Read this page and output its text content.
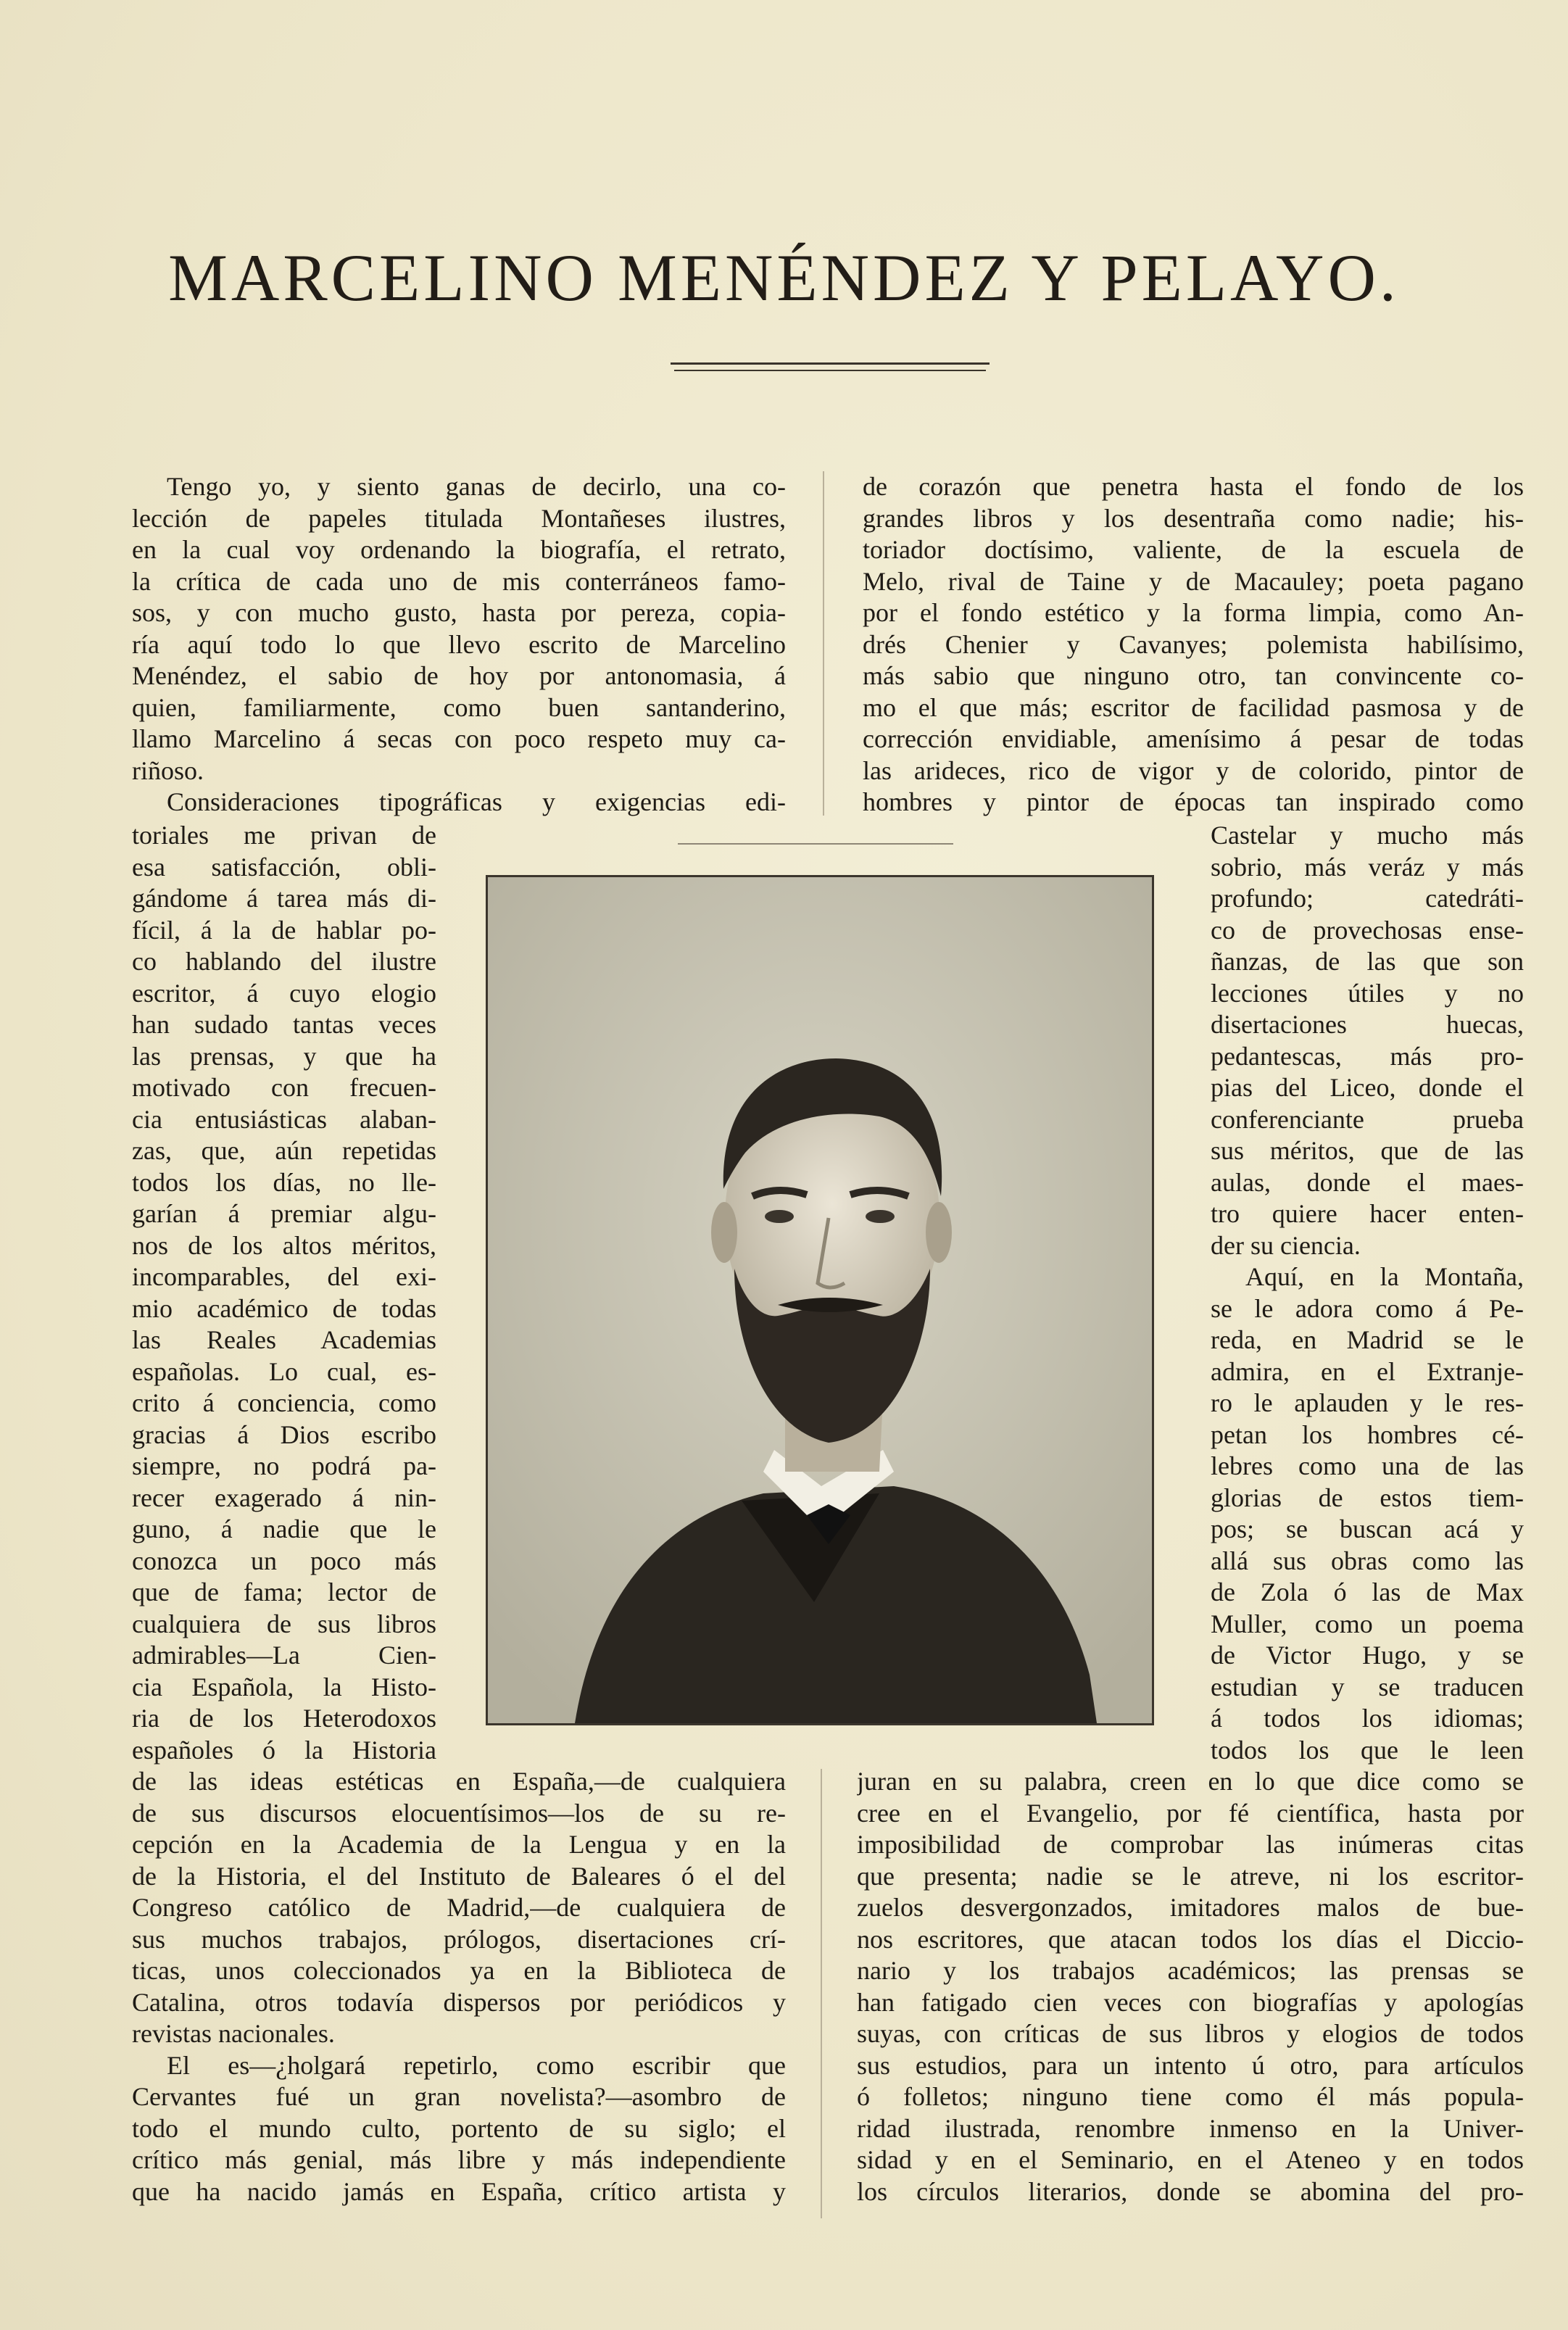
MARCELINO MENÉNDEZ Y PELAYO.
Tengo yo, y siento ganas de decirlo, una co-
lección de papeles titulada Montañeses ilustres,
en la cual voy ordenando la biografía, el retrato,
la crítica de cada uno de mis conterráneos famo-
sos, y con mucho gusto, hasta por pereza, copia-
ría aquí todo lo que llevo escrito de Marcelino
Menéndez, el sabio de hoy por antonomasia, á
quien, familiarmente, como buen santanderino,
llamo Marcelino á secas con poco respeto muy ca-
riñoso.
Consideraciones tipográficas y exigencias edi-
toriales me privan de
esa satisfacción, obli-
gándome á tarea más di-
fícil, á la de hablar po-
co hablando del ilustre
escritor, á cuyo elogio
han sudado tantas veces
las prensas, y que ha
motivado con frecuen-
cia entusiásticas alaban-
zas, que, aún repetidas
todos los días, no lle-
garían á premiar algu-
nos de los altos méritos,
incomparables, del exi-
mio académico de todas
las Reales Academias
españolas. Lo cual, es-
crito á conciencia, como
gracias á Dios escribo
siempre, no podrá pa-
recer exagerado á nin-
guno, á nadie que le
conozca un poco más
que de fama; lector de
cualquiera de sus libros
admirables—La Cien-
cia Española, la Histo-
ria de los Heterodoxos
españoles ó la Historia
de las ideas estéticas en España,—de cualquiera
de sus discursos elocuentísimos—los de su re-
cepción en la Academia de la Lengua y en la
de la Historia, el del Instituto de Baleares ó el del
Congreso católico de Madrid,—de cualquiera de
sus muchos trabajos, prólogos, disertaciones crí-
ticas, unos coleccionados ya en la Biblioteca de
Catalina, otros todavía dispersos por periódicos y
revistas nacionales.
El es—¿holgará repetirlo, como escribir que
Cervantes fué un gran novelista?—asombro de
todo el mundo culto, portento de su siglo; el
crítico más genial, más libre y más independiente
que ha nacido jamás en España, crítico artista y
de corazón que penetra hasta el fondo de los
grandes libros y los desentraña como nadie; his-
toriador doctísimo, valiente, de la escuela de
Melo, rival de Taine y de Macauley; poeta pagano
por el fondo estético y la forma limpia, como An-
drés Chenier y Cavanyes; polemista habilísimo,
más sabio que ninguno otro, tan convincente co-
mo el que más; escritor de facilidad pasmosa y de
corrección envidiable, amenísimo á pesar de todas
las arideces, rico de vigor y de colorido, pintor de
hombres y pintor de épocas tan inspirado como
Castelar y mucho más
sobrio, más veráz y más
profundo; catedráti-
co de provechosas ense-
ñanzas, de las que son
lecciones útiles y no
disertaciones huecas,
pedantescas, más pro-
pias del Liceo, donde el
conferenciante prueba
sus méritos, que de las
aulas, donde el maes-
tro quiere hacer enten-
der su ciencia.
Aquí, en la Montaña,
se le adora como á Pe-
reda, en Madrid se le
admira, en el Extranje-
ro le aplauden y le res-
petan los hombres cé-
lebres como una de las
glorias de estos tiem-
pos; se buscan acá y
allá sus obras como las
de Zola ó las de Max
Muller, como un poema
de Victor Hugo, y se
estudian y se traducen
á todos los idiomas;
todos los que le leen
juran en su palabra, creen en lo que dice como se
cree en el Evangelio, por fé científica, hasta por
imposibilidad de comprobar las inúmeras citas
que presenta; nadie se le atreve, ni los escritor-
zuelos desvergonzados, imitadores malos de bue-
nos escritores, que atacan todos los días el Diccio-
nario y los trabajos académicos; las prensas se
han fatigado cien veces con biografías y apologías
suyas, con críticas de sus libros y elogios de todos
sus estudios, para un intento ú otro, para artículos
ó folletos; ninguno tiene como él más popula-
ridad ilustrada, renombre inmenso en la Univer-
sidad y en el Seminario, en el Ateneo y en todos
los círculos literarios, donde se abomina del pro-
